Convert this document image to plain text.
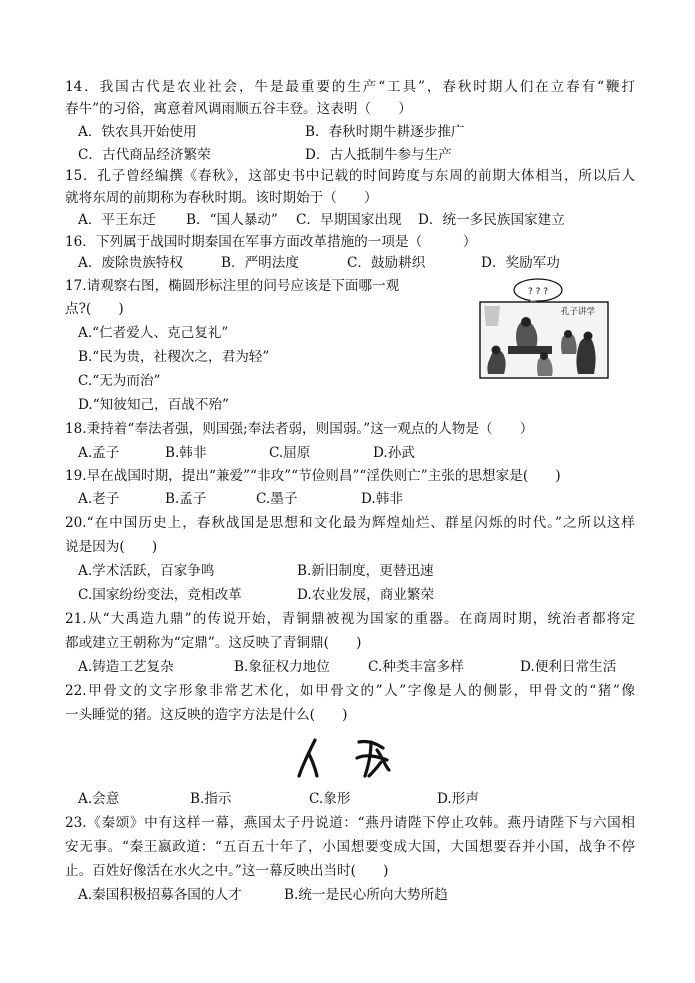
14．我国古代是农业社会，牛是最重要的生产“工具”，春秋时期人们在立春有“鞭打
春牛”的习俗，寓意着风调雨顺五谷丰登。这表明（　　）
A．铁农具开始使用	B．春秋时期牛耕逐步推广
C．古代商品经济繁荣	D．古人抵制牛参与生产
15．孔子曾经编撰《春秋》，这部史书中记载的时间跨度与东周的前期大体相当，所以后人
就将东周的前期称为春秋时期。该时期始于（　　）
A．平王东迁 B．“国人暴动” C．早期国家出现 D．统一多民族国家建立
16．下列属于战国时期秦国在军事方面改革措施的一项是（　　　）
A．废除贵族特权	B．严明法度	C．鼓励耕织	D．奖励军功
17.请观察右图，椭圆形标注里的问号应该是下面哪一观
点?(　　)
A.“仁者爱人、克己复礼”
B.“民为贵，社稷次之，君为轻”
C.“无为而治”
D.“知彼知己，百战不殆”
? ? ?
孔子讲学
18.秉持着“奉法者强，则国强;奉法者弱，则国弱。”这一观点的人物是（　　）
A.孟子	B.韩非	C.屈原	D.孙武
19.早在战国时期，提出“兼爱”“非攻”“节俭则昌”“淫佚则亡”主张的思想家是(　　)
A.老子	B.孟子	C.墨子	D.韩非
20.“在中国历史上，春秋战国是思想和文化最为辉煌灿烂、群星闪烁的时代。”之所以这样
说是因为(　　)
A.学术活跃，百家争鸣	B.新旧制度，更替迅速
C.国家纷纷变法，竞相改革	D.农业发展，商业繁荣
21.从“大禹造九鼎”的传说开始，青铜鼎被视为国家的重器。在商周时期，统治者都将定
都或建立王朝称为“定鼎”。这反映了青铜鼎(　　)
A.铸造工艺复杂	B.象征权力地位	C.种类丰富多样	D.便利日常生活
22.甲骨文的文字形象非常艺术化，如甲骨文的”人”字像是人的侧影，甲骨文的“猪”像
一头睡觉的猪。这反映的造字方法是什么(　　)
A.会意	B.指示	C.象形	D.形声
23.《秦颂》中有这样一幕，燕国太子丹说道：“燕丹请陛下停止攻韩。燕丹请陛下与六国相
安无事。“秦王嬴政道：“五百五十年了，小国想要变成大国，大国想要吞并小国，战争不停
止。百姓好像活在水火之中。”这一幕反映出当时(　　)
A.秦国积极招募各国的人才	B.统一是民心所向大势所趋
